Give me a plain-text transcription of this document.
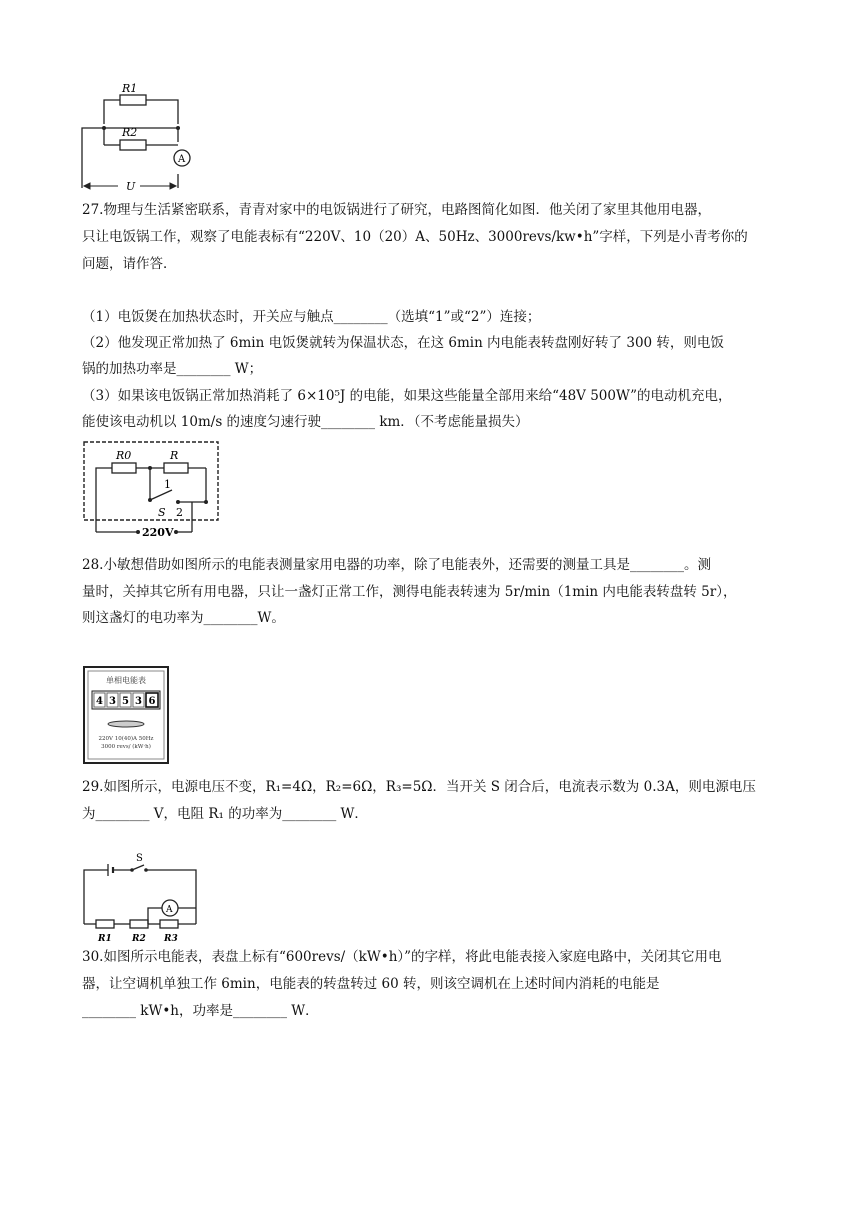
R1
R2
A
U
27.物理与生活紧密联系，青青对家中的电饭锅进行了研究，电路图简化如图．他关闭了家里其他用电器，
只让电饭锅工作，观察了电能表标有“220V、10（20）A、50Hz、3000revs/kw•h”字样，下列是小青考你的
问题，请作答．
（1）电饭煲在加热状态时，开关应与触点________（选填“1”或“2”）连接；
（2）他发现正常加热了 6min 电饭煲就转为保温状态，在这 6min 内电能表转盘刚好转了 300 转，则电饭
锅的加热功率是________ W；
（3）如果该电饭锅正常加热消耗了 6×10⁵J 的电能，如果这些能量全部用来给“48V 500W”的电动机充电，
能使该电动机以 10m/s 的速度匀速行驶________ km．（不考虑能量损失）
R0	R
1
S 2
220V
28.小敏想借助如图所示的电能表测量家用电器的功率，除了电能表外，还需要的测量工具是________。测
量时，关掉其它所有用电器，只让一盏灯正常工作，测得电能表转速为 5r/min（1min 内电能表转盘转 5r），
则这盏灯的电功率为________W。
单相电能表
4 3 5 3 6
220V 10(40)A 50Hz
3000 revs/ (kW·h)
29.如图所示，电源电压不变，R₁=4Ω，R₂=6Ω，R₃=5Ω．当开关 S 闭合后，电流表示数为 0.3A，则电源电压
为________ V，电阻 R₁ 的功率为________ W．
S
A
R1 R2 R3
30.如图所示电能表，表盘上标有“600revs/（kW•h）”的字样，将此电能表接入家庭电路中，关闭其它用电
器，让空调机单独工作 6min，电能表的转盘转过 60 转，则该空调机在上述时间内消耗的电能是
________ kW•h，功率是________ W．
